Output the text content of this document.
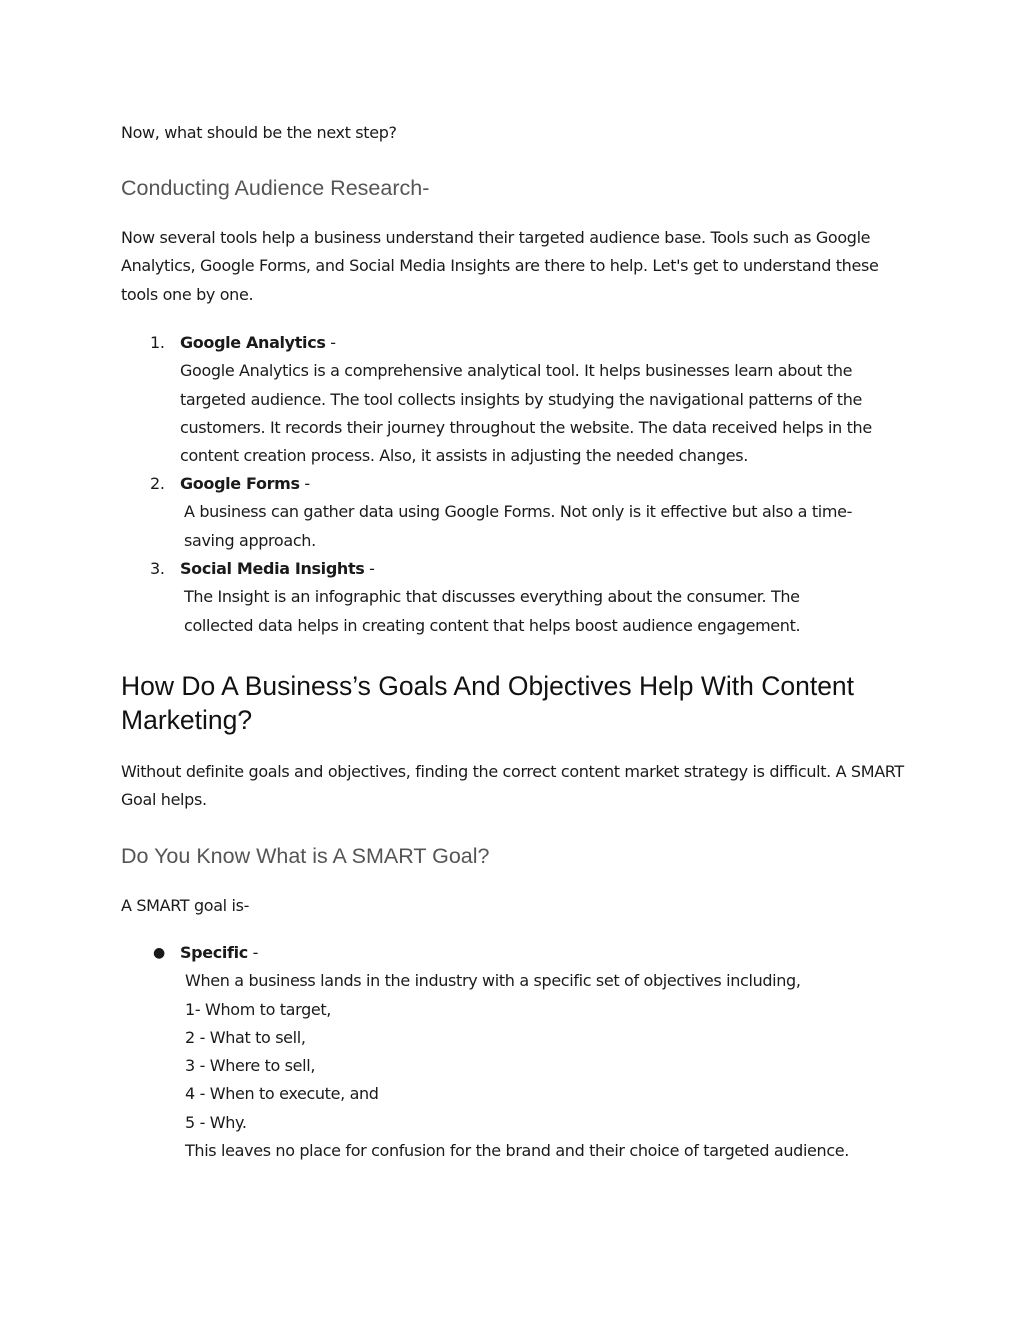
Now, what should be the next step?

Conducting Audience Research-

Now several tools help a business understand their targeted audience base. Tools such as Google Analytics, Google Forms, and Social Media Insights are there to help. Let's get to understand these tools one by one.

1. Google Analytics -

Google Analytics is a comprehensive analytical tool. It helps businesses learn about the targeted audience. The tool collects insights by studying the navigational patterns of the customers. It records their journey throughout the website. The data received helps in the content creation process. Also, it assists in adjusting the needed changes.

2. Google Forms -

A business can gather data using Google Forms. Not only is it effective but also a time-saving approach.

3. Social Media Insights -

The Insight is an infographic that discusses everything about the consumer. The collected data helps in creating content that helps boost audience engagement.

How Do A Business’s Goals And Objectives Help With Content Marketing?

Without definite goals and objectives, finding the correct content market strategy is difficult. A SMART Goal helps.

Do You Know What is A SMART Goal?

A SMART goal is-

● Specific -

When a business lands in the industry with a specific set of objectives including,

1- Whom to target,

2 - What to sell,

3 - Where to sell,

4 - When to execute, and

5 - Why.

This leaves no place for confusion for the brand and their choice of targeted audience.
